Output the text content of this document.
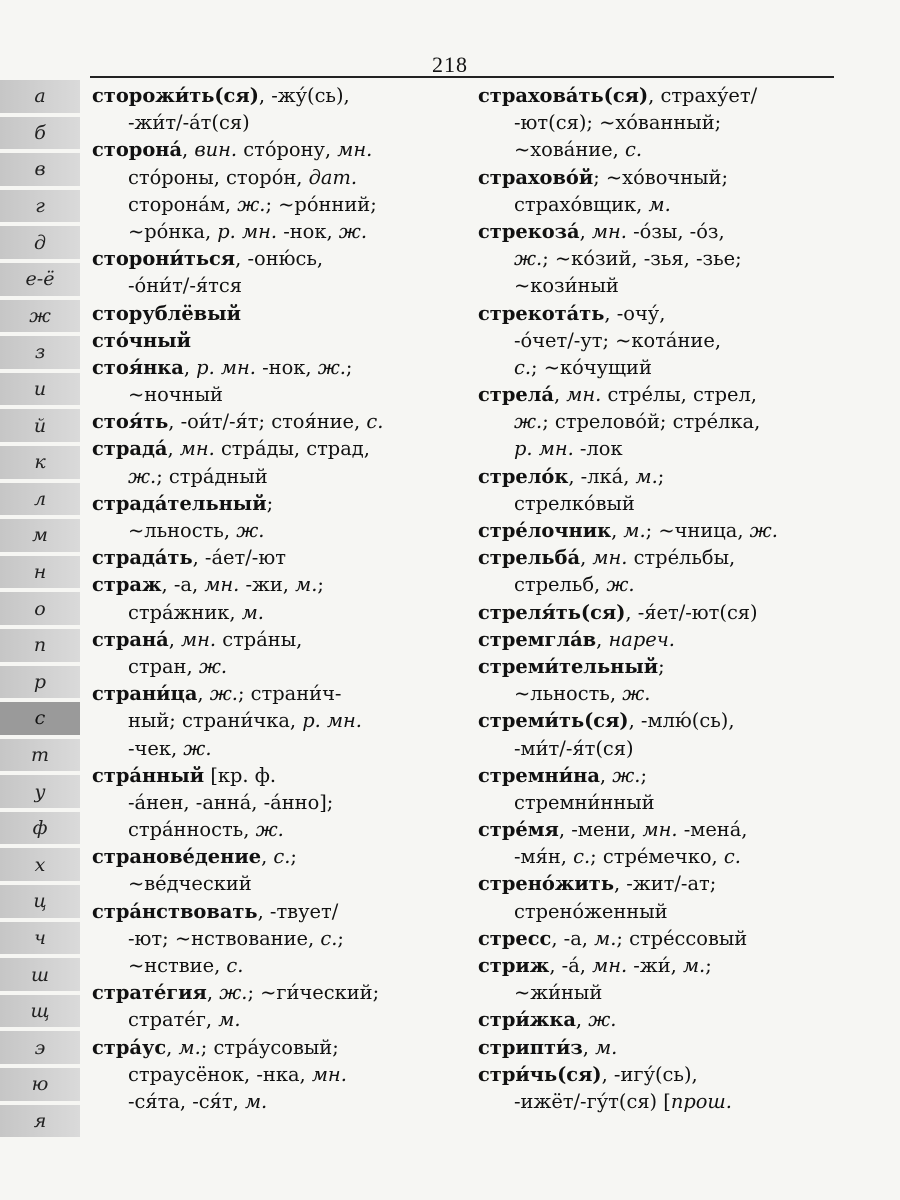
218
а
б
в
г
д
е-ё
ж
з
и
й
к
л
м
н
о
п
р
с
т
у
ф
х
ц
ч
ш
щ
э
ю
я
сторожи́ть(ся), -жу́(сь),
-жи́т/-а́т(ся)
сторона́, вин. сто́рону, мн.
сто́роны, сторо́н, дат.
сторона́м, ж.; ~ро́нний;
~ро́нка, р. мн. -нок, ж.
сторони́ться, -оню́сь,
-о́ни́т/-я́тся
сторублёвый
сто́чный
стоя́нка, р. мн. -нок, ж.;
~ночный
стоя́ть, -ои́т/-я́т; стоя́ние, с.
страда́, мн. стра́ды, страд,
ж.; стра́дный
страда́тельный;
~льность, ж.
страда́ть, -а́ет/-ют
страж, -а, мн. -жи, м.;
стра́жник, м.
страна́, мн. стра́ны,
стран, ж.
страни́ца, ж.; страни́ч-
ный; страни́чка, р. мн.
-чек, ж.
стра́нный [кр. ф.
-а́нен, -анна́, -а́нно];
стра́нность, ж.
странове́дение, с.;
~ве́дческий
стра́нствовать, -твует/
-ют; ~нствование, с.;
~нствие, с.
страте́гия, ж.; ~ги́ческий;
страте́г, м.
стра́ус, м.; стра́усовый;
страусёнок, -нка, мн.
-ся́та, -ся́т, м.
страхова́ть(ся), страху́ет/
-ют(ся); ~хо́ванный;
~хова́ние, с.
страхово́й; ~хо́вочный;
страхо́вщик, м.
стрекоза́, мн. -о́зы, -о́з,
ж.; ~ко́зий, -зья, -зье;
~кози́ный
стрекота́ть, -очу́,
-о́чет/-ут; ~кота́ние,
с.; ~ко́чущий
стрела́, мн. стре́лы, стрел,
ж.; стрелово́й; стре́лка,
р. мн. -лок
стрело́к, -лка́, м.;
стрелко́вый
стре́лочник, м.; ~чница, ж.
стрельба́, мн. стре́льбы,
стрельб, ж.
стреля́ть(ся), -я́ет/-ют(ся)
стремгла́в, нареч.
стреми́тельный;
~льность, ж.
стреми́ть(ся), -млю́(сь),
-ми́т/-я́т(ся)
стремни́на, ж.;
стремни́нный
стре́мя, -мени, мн. -мена́,
-мя́н, с.; стре́мечко, с.
стрено́жить, -жит/-ат;
стрено́женный
стресс, -а, м.; стре́ссовый
стриж, -а́, мн. -жи́, м.;
~жи́ный
стри́жка, ж.
стрипти́з, м.
стри́чь(ся), -игу́(сь),
-ижёт/-гу́т(ся) [прош.
